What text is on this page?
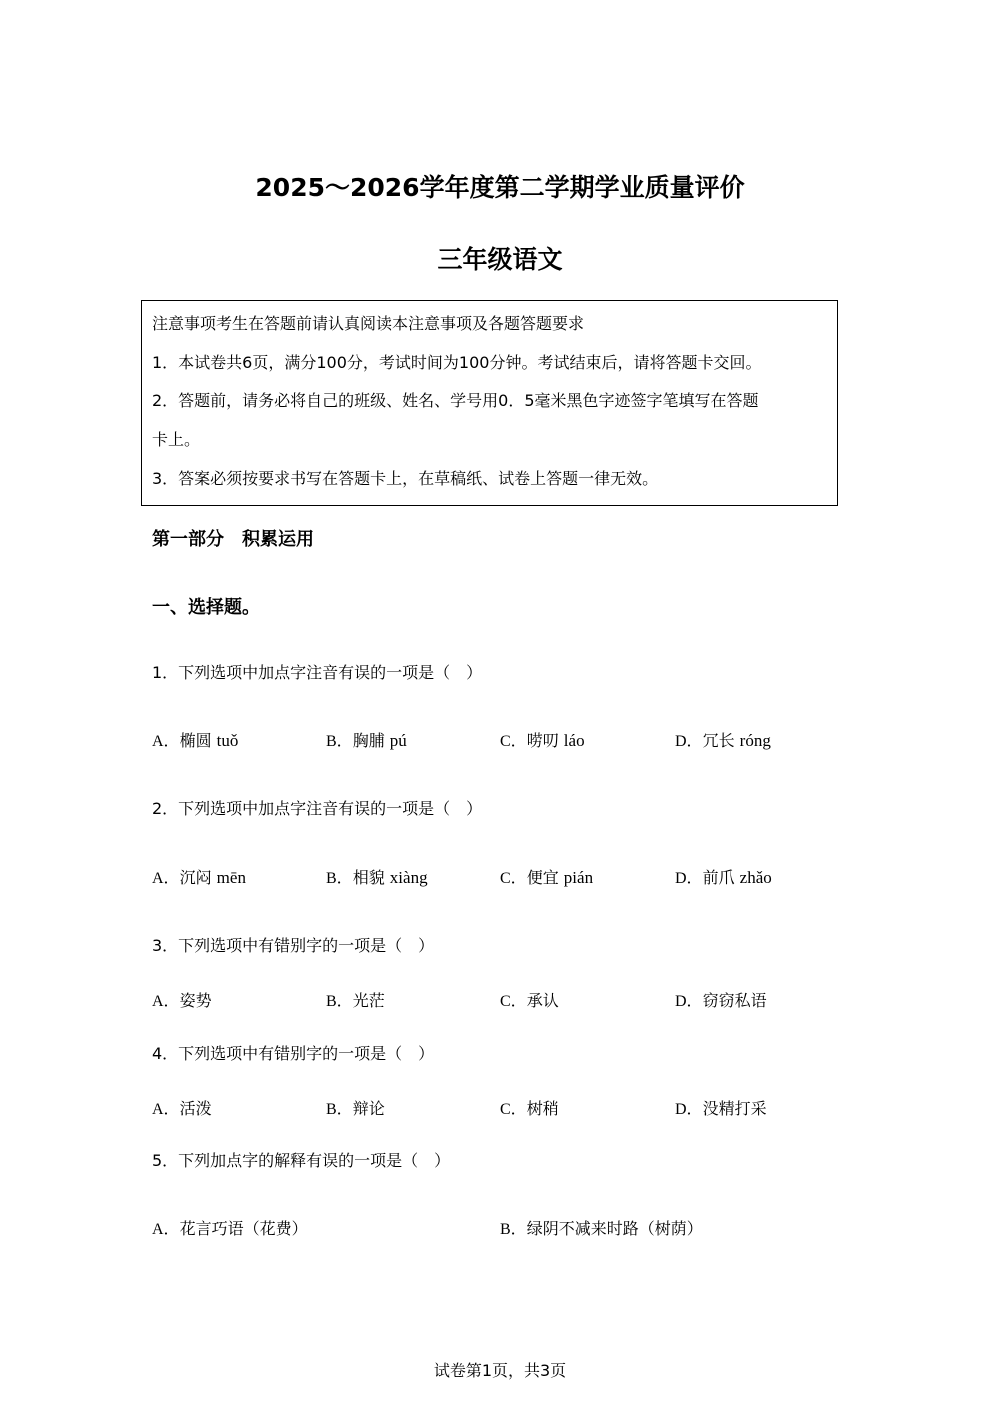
2025～2026学年度第二学期学业质量评价
三年级语文
注意事项考生在答题前请认真阅读本注意事项及各题答题要求
1．本试卷共6页，满分100分，考试时间为100分钟。考试结束后，请将答题卡交回。
2．答题前，请务必将自己的班级、姓名、学号用0．5毫米黑色字迹签字笔填写在答题
卡上。
3．答案必须按要求书写在答题卡上，在草稿纸、试卷上答题一律无效。
第一部分　积累运用
一、选择题。
1．下列选项中加点字注音有误的一项是（　）
A．椭圆 tuǒ	B．胸脯 pú	C．唠叨 láo	D．冗长 róng
2．下列选项中加点字注音有误的一项是（　）
A．沉闷 mēn	B．相貌 xiàng	C．便宜 pián	D．前爪 zhǎo
3．下列选项中有错别字的一项是（　）
A．姿势	B．光茫	C．承认	D．窃窃私语
4．下列选项中有错别字的一项是（　）
A．活泼	B．辩论	C．树稍	D．没精打采
5．下列加点字的解释有误的一项是（　）
A．花言巧语（花费）	B．绿阴不减来时路（树荫）
试卷第1页，共3页
